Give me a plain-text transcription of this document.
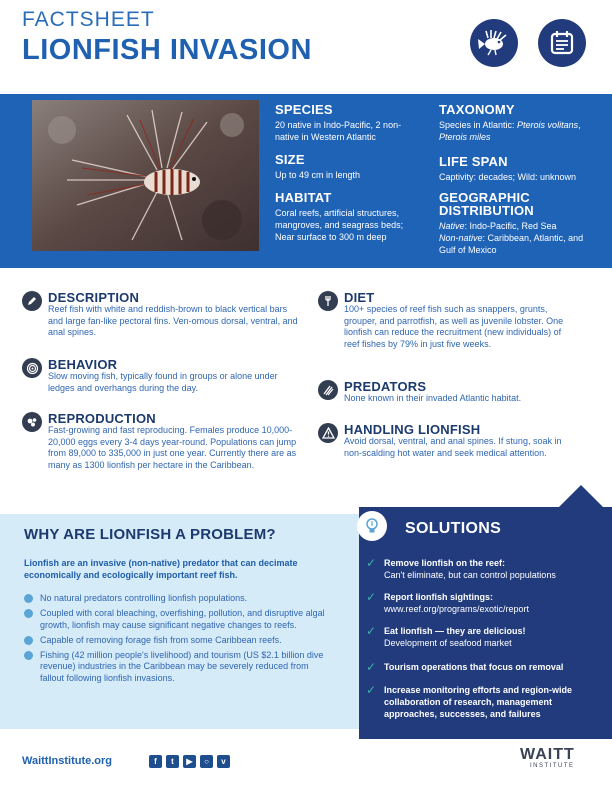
FACTSHEET
LIONFISH INVASION
SPECIES
20 native in Indo-Pacific, 2 non-native in Western Atlantic
SIZE
Up to 49 cm in length
HABITAT
Coral reefs, artificial structures, mangroves, and seagrass beds; Near surface to 300 m deep
TAXONOMY
Species in Atlantic: Pterois volitans, Pterois miles
LIFE SPAN
Captivity: decades; Wild: unknown
GEOGRAPHIC DISTRIBUTION
Native: Indo-Pacific, Red Sea
Non-native: Caribbean, Atlantic, and Gulf of Mexico
DESCRIPTION
Reef fish with white and reddish-brown to black vertical bars and large fan-like pectoral fins. Ven-omous dorsal, ventral, and anal spines.
BEHAVIOR
Slow moving fish, typically found in groups or alone under ledges and overhangs during the day.
REPRODUCTION
Fast-growing and fast reproducing. Females produce 10,000-20,000 eggs every 3-4 days year-round. Populations can jump from 89,000 to 335,000 in just one year. Currently there are as many as 1300 lionfish per hectare in the Caribbean.
DIET
100+ species of reef fish such as snappers, grunts, grouper, and parrotfish, as well as juvenile lobster. One lionfish can reduce the recruitment (new individuals) of reef fishes by 79% in just five weeks.
PREDATORS
None known in their invaded Atlantic habitat.
HANDLING LIONFISH
Avoid dorsal, ventral, and anal spines. If stung, soak in non-scalding hot water and seek medical attention.
WHY ARE LIONFISH A PROBLEM?
Lionfish are an invasive (non-native) predator that can decimate economically and ecologically important reef fish.
No natural predators controlling lionfish populations.
Coupled with coral bleaching, overfishing, pollution, and disruptive algal growth, lionfish may cause significant negative changes to reefs.
Capable of removing forage fish from some Caribbean reefs.
Fishing (42 million people's livelihood) and tourism (US $2.1 billion dive revenue) industries in the Caribbean may be severely reduced from fallout following lionfish invasions.
SOLUTIONS
✓ Remove lionfish on the reef:
Can't eliminate, but can control populations
✓ Report lionfish sightings:
www.reef.org/programs/exotic/report
✓ Eat lionfish — they are delicious!
Development of seafood market
✓ Tourism operations that focus on removal
✓ Increase monitoring efforts and region-wide collaboration of research, management approaches, successes, and failures
WaittInstitute.org	f	t	▶	○	v	WAITT
INSTITUTE
